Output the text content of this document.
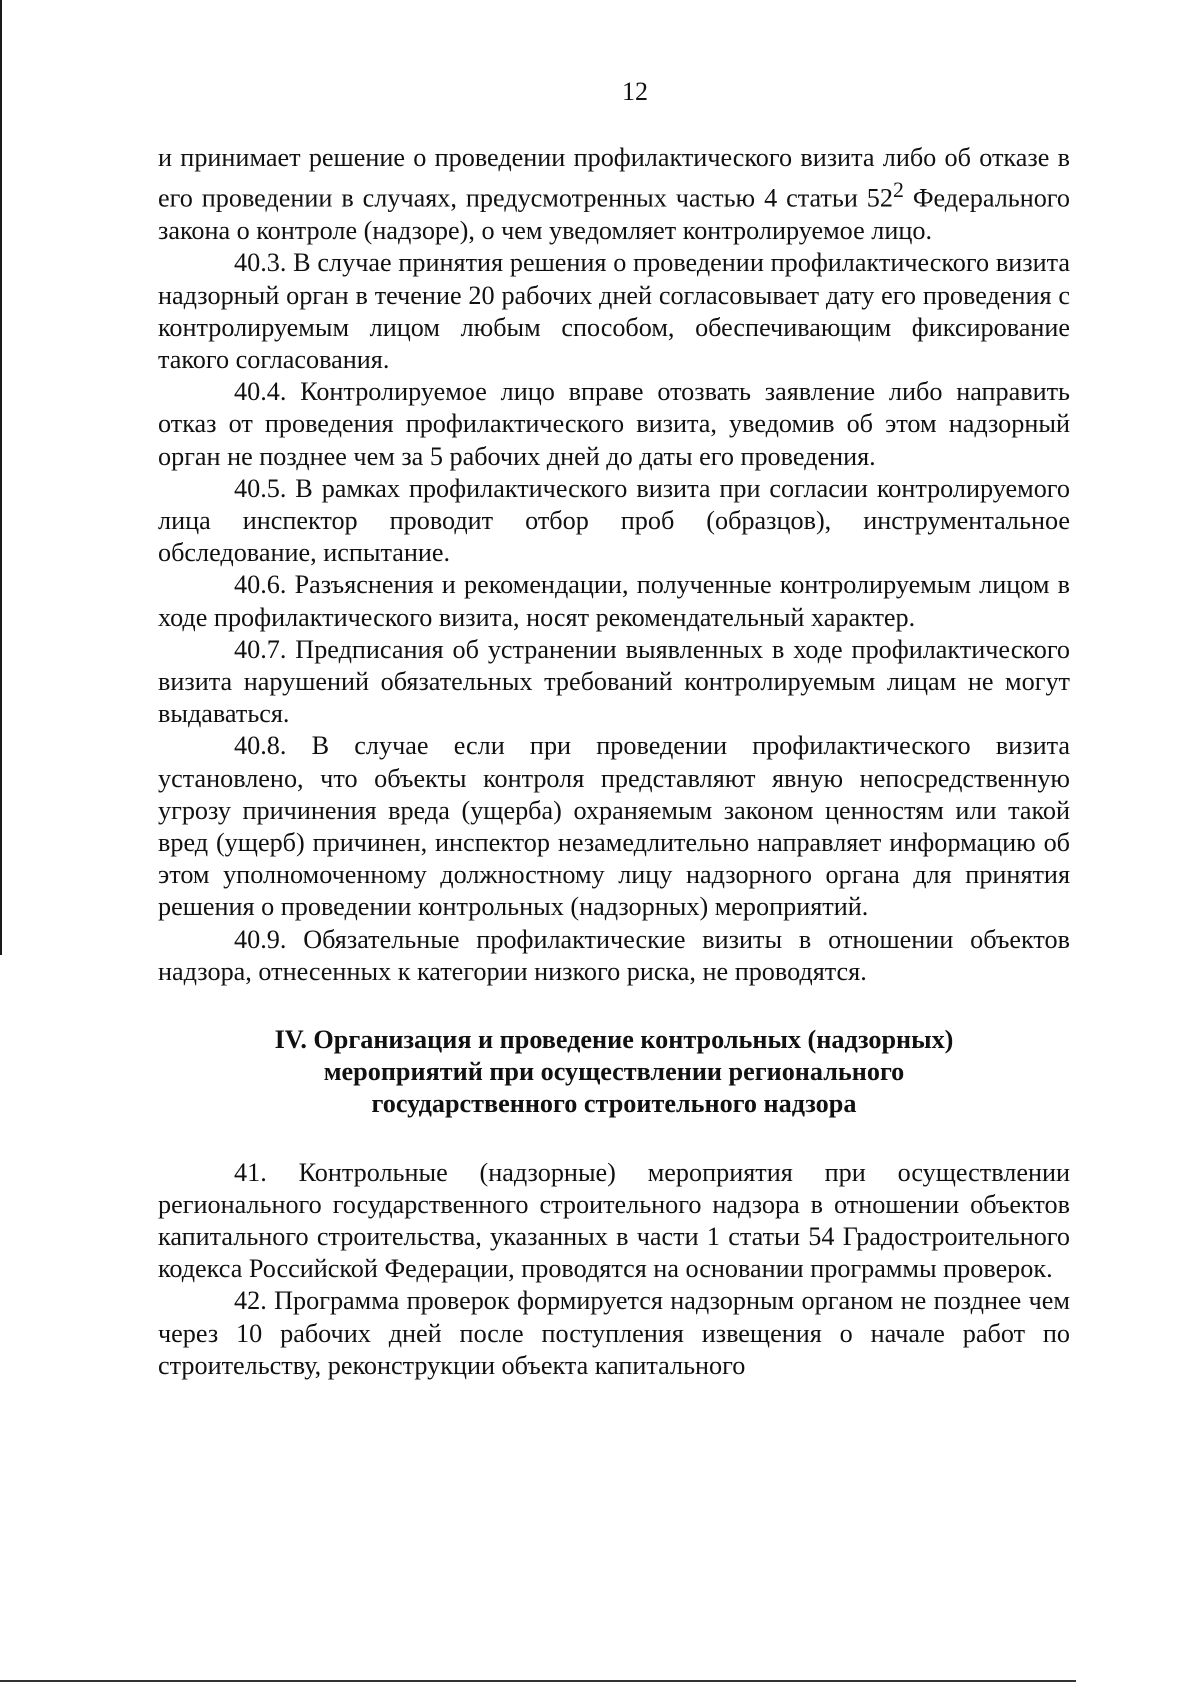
12

и принимает решение о проведении профилактического визита либо об отказе в его проведении в случаях, предусмотренных частью 4 статьи $52^2$ Федерального закона о контроле (надзоре), о чем уведомляет контролируемое лицо.

40.3. В случае принятия решения о проведении профилактического визита надзорный орган в течение 20 рабочих дней согласовывает дату его проведения с контролируемым лицом любым способом, обеспечивающим фиксирование такого согласования.

40.4. Контролируемое лицо вправе отозвать заявление либо направить отказ от проведения профилактического визита, уведомив об этом надзорный орган не позднее чем за 5 рабочих дней до даты его проведения.

40.5. В рамках профилактического визита при согласии контролируемого лица инспектор проводит отбор проб (образцов), инструментальное обследование, испытание.

40.6. Разъяснения и рекомендации, полученные контролируемым лицом в ходе профилактического визита, носят рекомендательный характер.

40.7. Предписания об устранении выявленных в ходе профилактического визита нарушений обязательных требований контролируемым лицам не могут выдаваться.

40.8. В случае если при проведении профилактического визита установлено, что объекты контроля представляют явную непосредственную угрозу причинения вреда (ущерба) охраняемым законом ценностям или такой вред (ущерб) причинен, инспектор незамедлительно направляет информацию об этом уполномоченному должностному лицу надзорного органа для принятия решения о проведении контрольных (надзорных) мероприятий.

40.9. Обязательные профилактические визиты в отношении объектов надзора, отнесенных к категории низкого риска, не проводятся.

IV. Организация и проведение контрольных (надзорных)
мероприятий при осуществлении регионального
государственного строительного надзора

41. Контрольные (надзорные) мероприятия при осуществлении регионального государственного строительного надзора в отношении объектов капитального строительства, указанных в части 1 статьи 54 Градостроительного кодекса Российской Федерации, проводятся на основании программы проверок.

42. Программа проверок формируется надзорным органом не позднее чем через 10 рабочих дней после поступления извещения о начале работ по строительству, реконструкции объекта капитального
